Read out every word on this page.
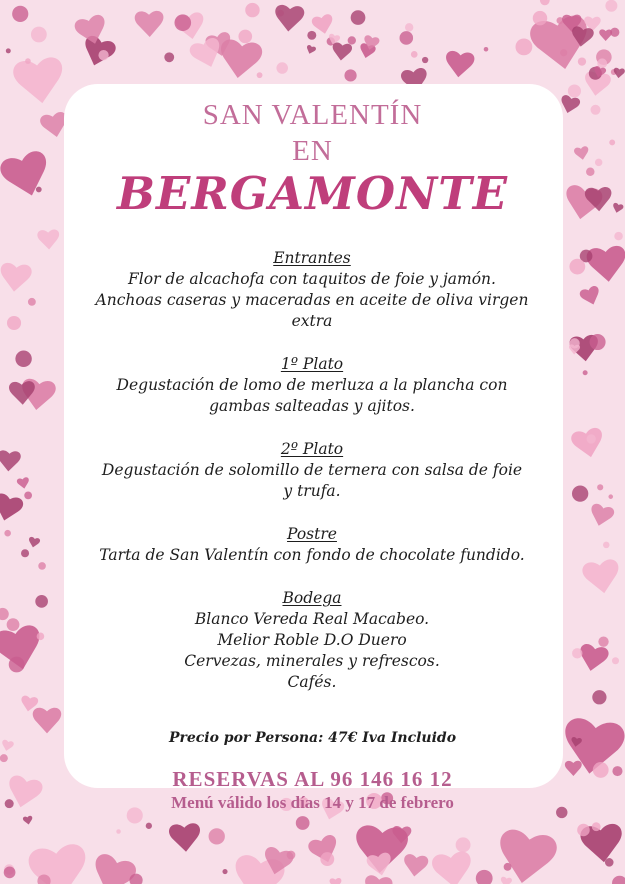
SAN VALENTÍN
EN
BERGAMONTE
Entrantes
Flor de alcachofa con taquitos de foie y jamón.
Anchoas caseras y maceradas en aceite de oliva virgen
extra
1º Plato
Degustación de lomo de merluza a la plancha con
gambas salteadas y ajitos.
2º Plato
Degustación de solomillo de ternera con salsa de foie
y trufa.
Postre
Tarta de San Valentín con fondo de chocolate fundido.
Bodega
Blanco Vereda Real Macabeo.
Melior Roble D.O Duero
Cervezas, minerales y refrescos.
Cafés.
Precio por Persona: 47€ Iva Incluido
RESERVAS AL 96 146 16 12
Menú válido los días 14 y 17 de febrero
